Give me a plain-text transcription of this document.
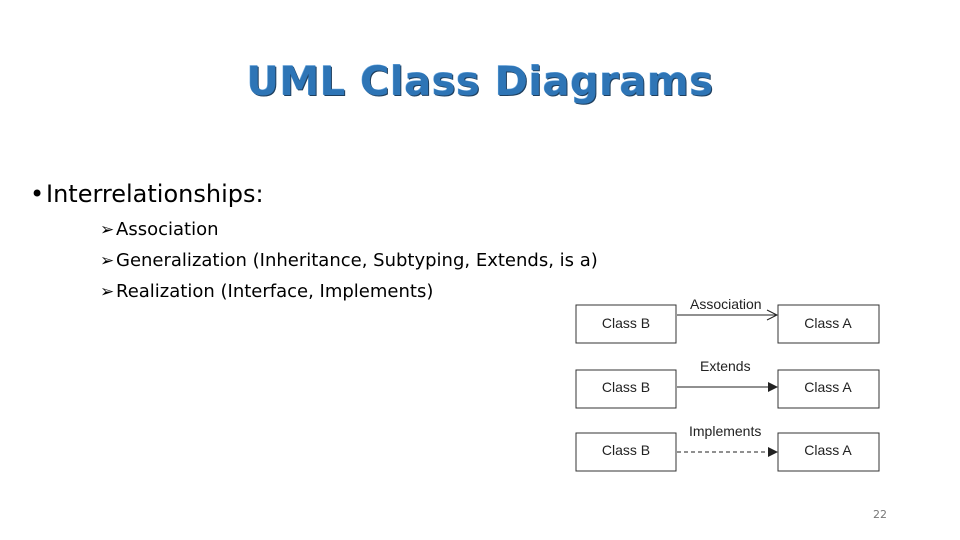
UML Class Diagrams
•Interrelationships:
➢Association
➢Generalization (Inheritance, Subtyping, Extends, is a)
➢Realization (Interface, Implements)
Association
Class B	Class A
Extends
Class B	Class A
Implements
Class B	Class A
22
